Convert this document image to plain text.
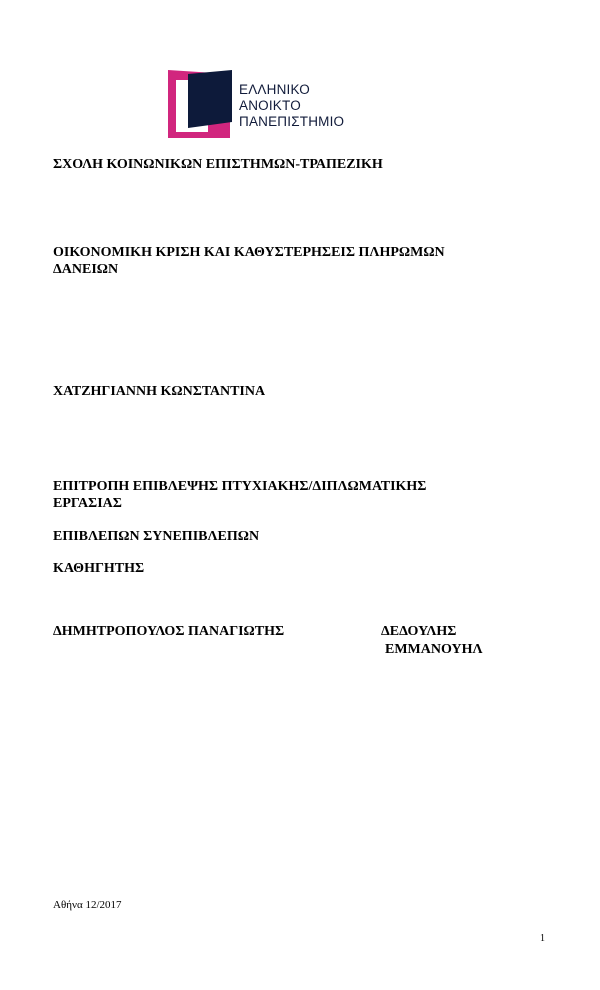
ΕΛΛΗΝΙΚΟ
ΑΝΟΙΚΤΟ
ΠΑΝΕΠΙΣΤΗΜΙΟ
ΣΧΟΛΗ ΚΟΙΝΩΝΙΚΩΝ ΕΠΙΣΤΗΜΩΝ-ΤΡΑΠΕΖΙΚΗ
ΟΙΚΟΝΟΜΙΚΗ ΚΡΙΣΗ ΚΑΙ ΚΑΘΥΣΤΕΡΗΣΕΙΣ ΠΛΗΡΩΜΩΝ
ΔΑΝΕΙΩΝ
ΧΑΤΖΗΓΙΑΝΝΗ ΚΩΝΣΤΑΝΤΙΝΑ
ΕΠΙΤΡΟΠΗ ΕΠΙΒΛΕΨΗΣ ΠΤΥΧΙΑΚΗΣ/ΔΙΠΛΩΜΑΤΙΚΗΣ
ΕΡΓΑΣΙΑΣ
ΕΠΙΒΛΕΠΩΝ ΣΥΝΕΠΙΒΛΕΠΩΝ
ΚΑΘΗΓΗΤΗΣ
ΔΗΜΗΤΡΟΠΟΥΛΟΣ ΠΑΝΑΓΙΩΤΗΣ	ΔΕΔΟΥΛΗΣ
ΕΜΜΑΝΟΥΗΛ
Αθήνα 12/2017
1
